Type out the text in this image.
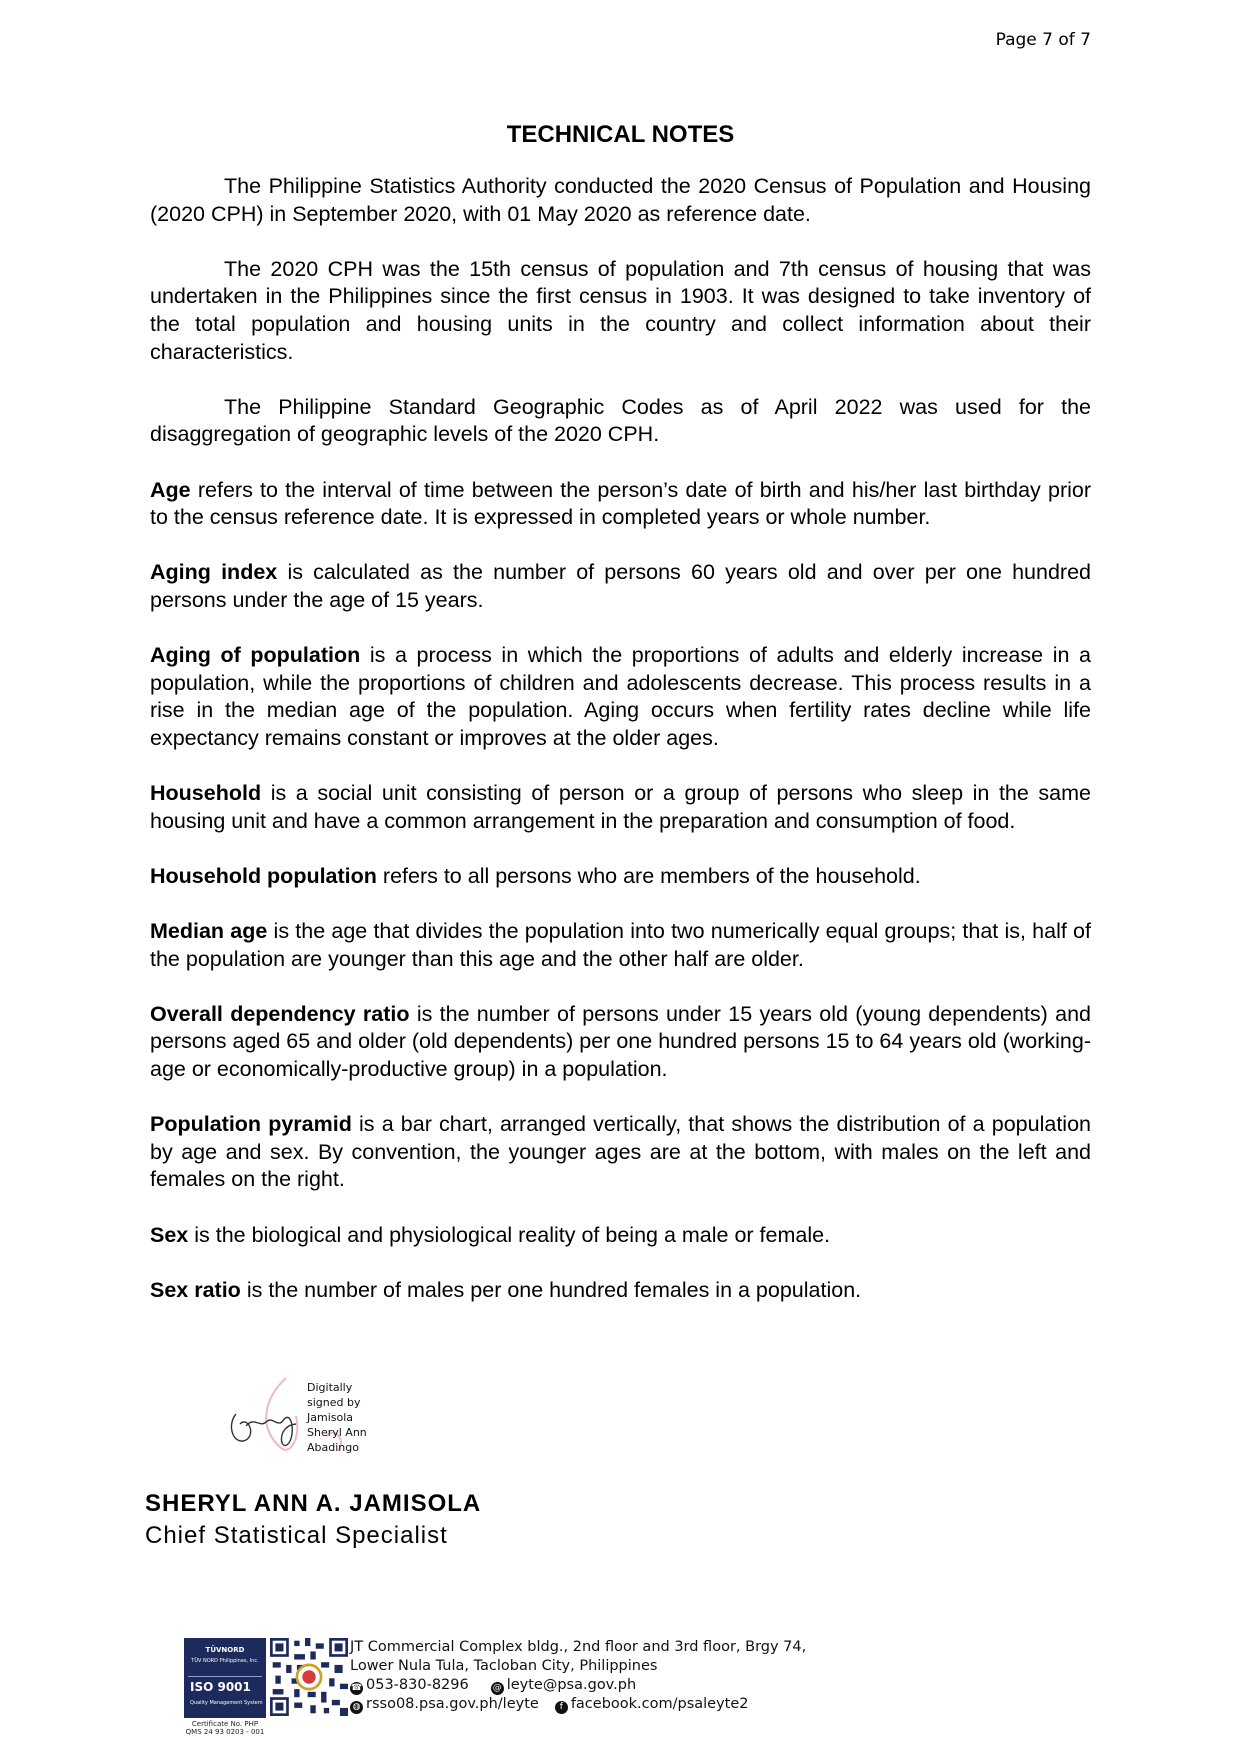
Page 7 of 7
TECHNICAL NOTES

The Philippine Statistics Authority conducted the 2020 Census of Population and Housing (2020 CPH) in September 2020, with 01 May 2020 as reference date.

The 2020 CPH was the 15th census of population and 7th census of housing that was undertaken in the Philippines since the first census in 1903. It was designed to take inventory of the total population and housing units in the country and collect information about their characteristics.

The Philippine Standard Geographic Codes as of April 2022 was used for the disaggregation of geographic levels of the 2020 CPH.

Age refers to the interval of time between the person’s date of birth and his/her last birthday prior to the census reference date. It is expressed in completed years or whole number.

Aging index is calculated as the number of persons 60 years old and over per one hundred persons under the age of 15 years.

Aging of population is a process in which the proportions of adults and elderly increase in a population, while the proportions of children and adolescents decrease. This process results in a rise in the median age of the population. Aging occurs when fertility rates decline while life expectancy remains constant or improves at the older ages.

Household is a social unit consisting of person or a group of persons who sleep in the same housing unit and have a common arrangement in the preparation and consumption of food.

Household population refers to all persons who are members of the household.

Median age is the age that divides the population into two numerically equal groups; that is, half of the population are younger than this age and the other half are older.

Overall dependency ratio is the number of persons under 15 years old (young dependents) and persons aged 65 and older (old dependents) per one hundred persons 15 to 64 years old (working-age or economically-productive group) in a population.

Population pyramid is a bar chart, arranged vertically, that shows the distribution of a population by age and sex. By convention, the younger ages are at the bottom, with males on the left and females on the right.

Sex is the biological and physiological reality of being a male or female.

Sex ratio is the number of males per one hundred females in a population.

Digitally
signed by
Jamisola
Sheryl Ann
Abadingo
SHERYL ANN A. JAMISOLA
Chief Statistical Specialist
TÜVNORD
TÜV NORD Philippines, Inc.
ISO 9001
Quality Management System
Certificate No. PHP
QMS 24 93 0203 - 001
JT Commercial Complex bldg., 2nd floor and 3rd floor, Brgy 74,
Lower Nula Tula, Tacloban City, Philippines
☎ 053-830-8296	@ leyte@psa.gov.ph
◍ rsso08.psa.gov.ph/leyte f facebook.com/psaleyte2
